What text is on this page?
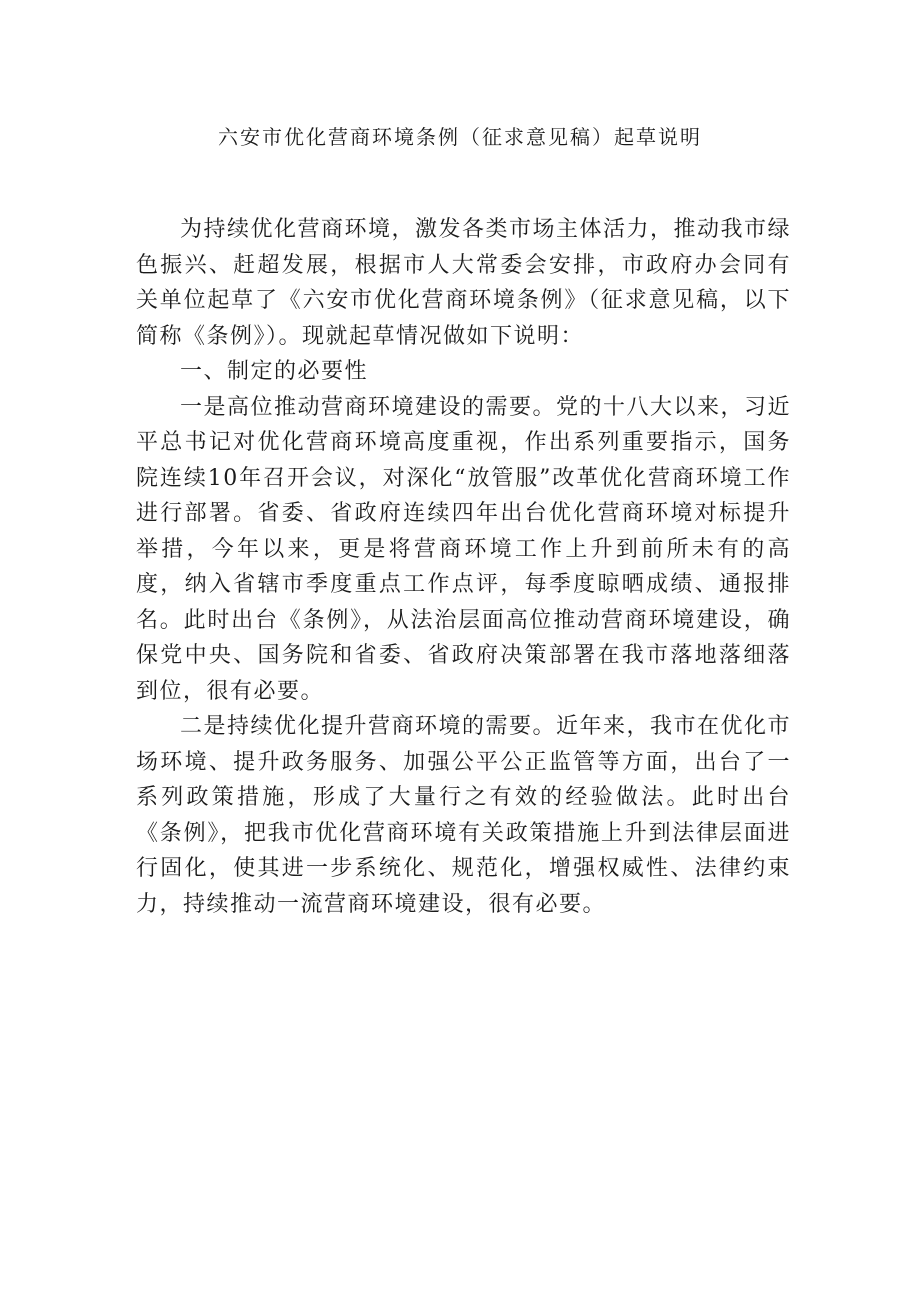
六安市优化营商环境条例（征求意见稿）起草说明

为持续优化营商环境，激发各类市场主体活力，推动我市绿色振兴、赶超发展，根据市人大常委会安排，市政府办会同有关单位起草了《六安市优化营商环境条例》（征求意见稿，以下简称《条例》）。现就起草情况做如下说明：

一、制定的必要性

一是高位推动营商环境建设的需要。党的十八大以来，习近平总书记对优化营商环境高度重视，作出系列重要指示，国务院连续10年召开会议，对深化“放管服”改革优化营商环境工作进行部署。省委、省政府连续四年出台优化营商环境对标提升举措，今年以来，更是将营商环境工作上升到前所未有的高度，纳入省辖市季度重点工作点评，每季度晾晒成绩、通报排名。此时出台《条例》，从法治层面高位推动营商环境建设，确保党中央、国务院和省委、省政府决策部署在我市落地落细落到位，很有必要。

二是持续优化提升营商环境的需要。近年来，我市在优化市场环境、提升政务服务、加强公平公正监管等方面，出台了一系列政策措施，形成了大量行之有效的经验做法。此时出台《条例》，把我市优化营商环境有关政策措施上升到法律层面进行固化，使其进一步系统化、规范化，增强权威性、法律约束力，持续推动一流营商环境建设，很有必要。
